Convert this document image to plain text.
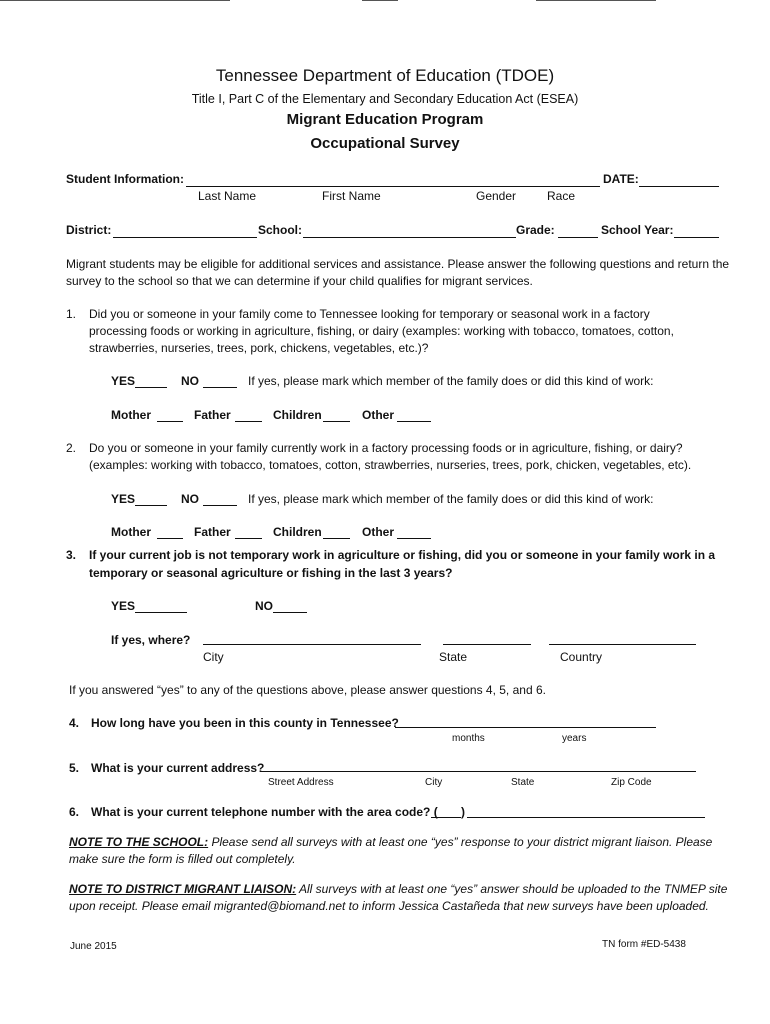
Tennessee Department of Education (TDOE)
Title I, Part C of the Elementary and Secondary Education Act (ESEA)
Migrant Education Program
Occupational Survey
Student Information:	DATE:
Last Name	First Name	Gender	Race
District:	School:	Grade:	School Year:
Migrant students may be eligible for additional services and assistance. Please answer the following questions and return the survey to the school so that we can determine if your child qualifies for migrant services.
1. Did you or someone in your family come to Tennessee looking for temporary or seasonal work in a factory
processing foods or working in agriculture, fishing, or dairy (examples: working with tobacco, tomatoes, cotton,
strawberries, nurseries, trees, pork, chickens, vegetables, etc.)?
YES	NO	If yes, please mark which member of the family does or did this kind of work:
Mother	Father	Children	Other
2. Do you or someone in your family currently work in a factory processing foods or in agriculture, fishing, or dairy?
(examples: working with tobacco, tomatoes, cotton, strawberries, nurseries, trees, pork, chicken, vegetables, etc).
YES	NO	If yes, please mark which member of the family does or did this kind of work:
Mother	Father	Children	Other
3. If your current job is not temporary work in agriculture or fishing, did you or someone in your family work in a
temporary or seasonal agriculture or fishing in the last 3 years?
YES	NO
If yes, where?
City	State	Country
If you answered “yes” to any of the questions above, please answer questions 4, 5, and 6.
4. How long have you been in this county in Tennessee?
months	years
5. What is your current address?
Street Address	City	State	Zip Code
6. What is your current telephone number with the area code? ( )
NOTE TO THE SCHOOL: Please send all surveys with at least one “yes” response to your district migrant liaison. Please make sure the form is filled out completely.
NOTE TO DISTRICT MIGRANT LIAISON: All surveys with at least one “yes” answer should be uploaded to the TNMEP site upon receipt. Please email migranted@biomand.net to inform Jessica Castañeda that new surveys have been uploaded.
June 2015	TN form #ED-5438
